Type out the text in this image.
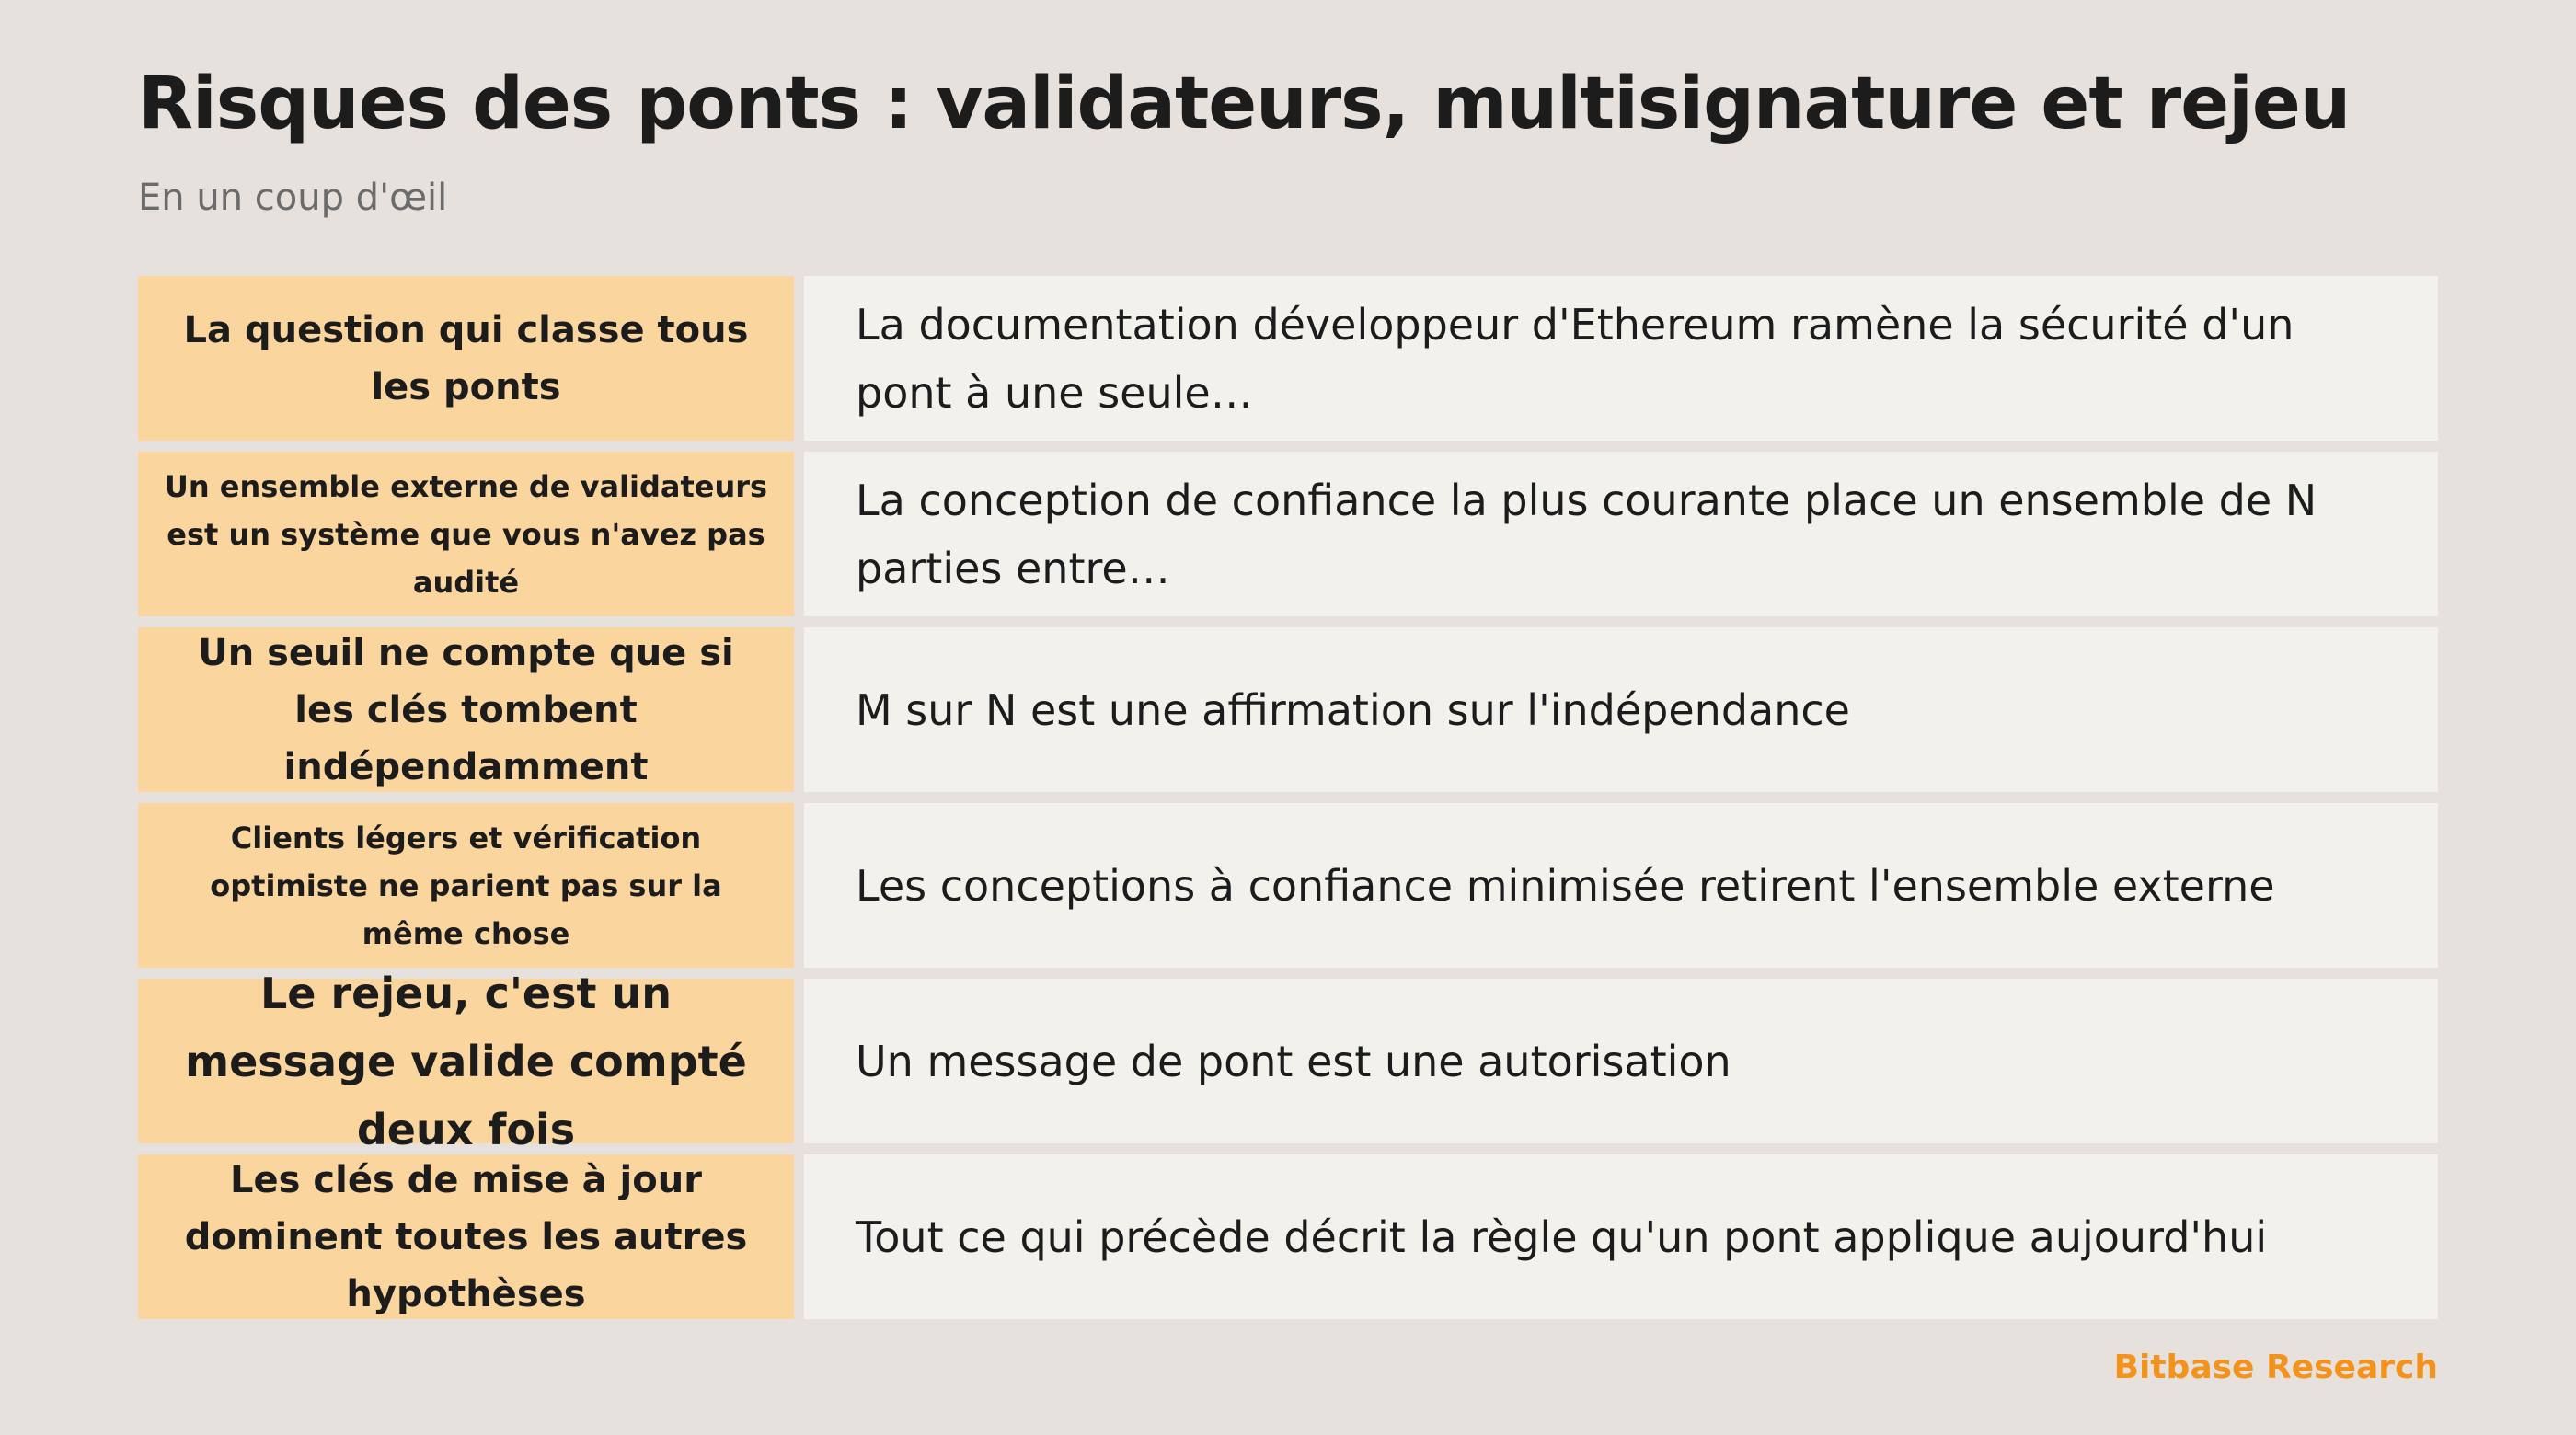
Risques des ponts : validateurs, multisignature et rejeu

En un coup d'œil

La question qui classe tous les ponts
La documentation développeur d'Ethereum ramène la sécurité d'un pont à une seule…
Un ensemble externe de validateurs est un système que vous n'avez pas audité
La conception de confiance la plus courante place un ensemble de N parties entre…
Un seuil ne compte que si les clés tombent indépendamment
M sur N est une affirmation sur l'indépendance
Clients légers et vérification optimiste ne parient pas sur la même chose
Les conceptions à confiance minimisée retirent l'ensemble externe
Le rejeu, c'est un message valide compté deux fois
Un message de pont est une autorisation
Les clés de mise à jour dominent toutes les autres hypothèses
Tout ce qui précède décrit la règle qu'un pont applique aujourd'hui

Bitbase Research
